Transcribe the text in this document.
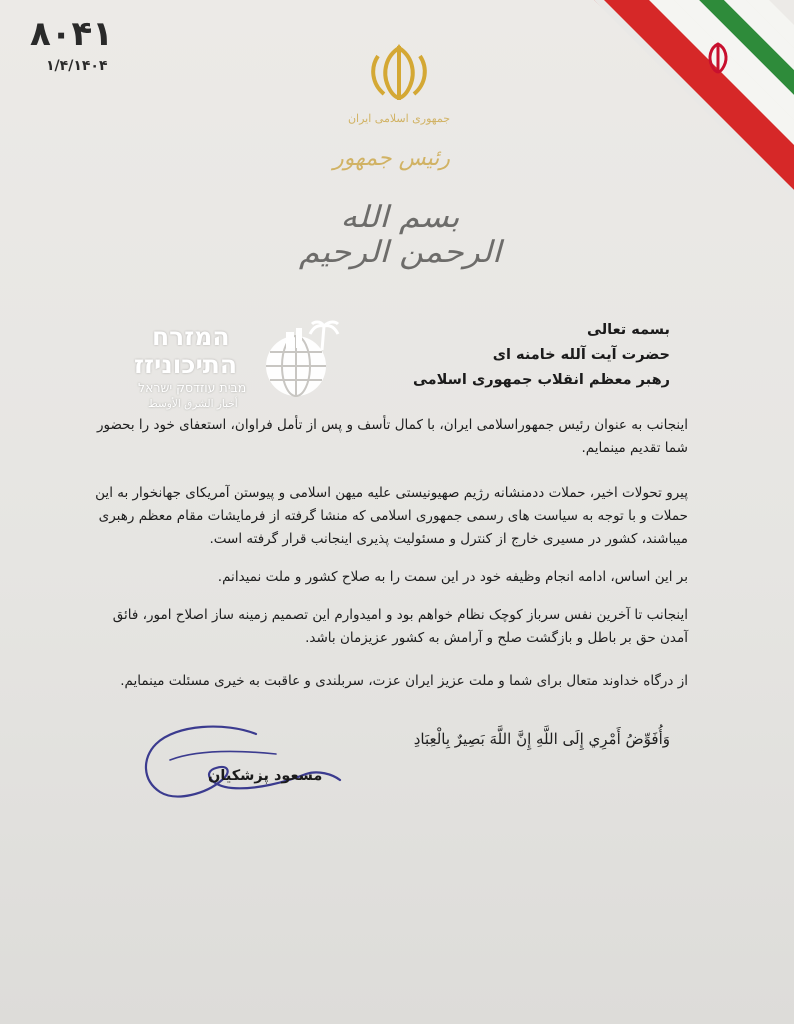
۸۰۴۱
۱/۴/۱۴۰۴
جمهوری اسلامی ایران
رئیس جمهور
بسم الله الرحمن الرحیم
המזרח
התיכוניזז
מבית עוזדסק ישראל
أخبار الشرق الأوسط
بسمه تعالی
حضرت آیت آلله خامنه ای
رهبر معظم انقلاب جمهوری اسلامی

اینجانب به عنوان رئیس جمهوراسلامی ایران، با کمال تأسف و پس از تأمل فراوان، استعفای خود را بحضور شما تقدیم مینمایم.

پیرو تحولات اخیر، حملات ددمنشانه رژیم صهیونیستی علیه میهن اسلامی و پیوستن آمریکای جهانخوار به این حملات و با توجه به سیاست های رسمی جمهوری اسلامی که منشا گرفته از فرمایشات مقام معظم رهبری میباشند، کشور در مسیری خارج از کنترل و مسئولیت پذیری اینجانب قرار گرفته است.

بر این اساس، ادامه انجام وظیفه خود در این سمت را به صلاح کشور و ملت نمیدانم.

اینجانب تا آخرین نفس سرباز کوچک نظام خواهم بود و امیدوارم این تصمیم زمینه ساز اصلاح امور، فائق آمدن حق بر باطل و بازگشت صلح و آرامش به کشور عزیزمان باشد.

از درگاه خداوند متعال برای شما و ملت عزیز ایران عزت، سربلندی و عاقبت به خیری مسئلت مینمایم.

وَأُفَوِّضُ أَمْرِي إِلَى اللَّهِ إِنَّ اللَّهَ بَصِيرٌ بِالْعِبَادِ
مسعود پزشکیان
